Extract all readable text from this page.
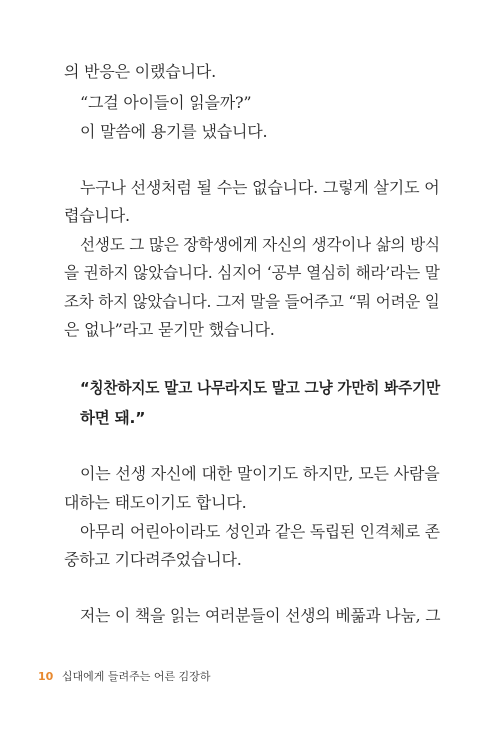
의 반응은 이랬습니다.
“그걸 아이들이 읽을까?”
이 말씀에 용기를 냈습니다.
누구나 선생처럼 될 수는 없습니다. 그렇게 살기도 어
렵습니다.
선생도 그 많은 장학생에게 자신의 생각이나 삶의 방식
을 권하지 않았습니다. 심지어 ‘공부 열심히 해라’라는 말
조차 하지 않았습니다. 그저 말을 들어주고 “뭐 어려운 일
은 없나”라고 묻기만 했습니다.
“칭찬하지도 말고 나무라지도 말고 그냥 가만히 봐주기만
하면 돼.”
이는 선생 자신에 대한 말이기도 하지만, 모든 사람을
대하는 태도이기도 합니다.
아무리 어린아이라도 성인과 같은 독립된 인격체로 존
중하고 기다려주었습니다.
저는 이 책을 읽는 여러분들이 선생의 베풂과 나눔, 그
10 십대에게 들려주는 어른 김장하
